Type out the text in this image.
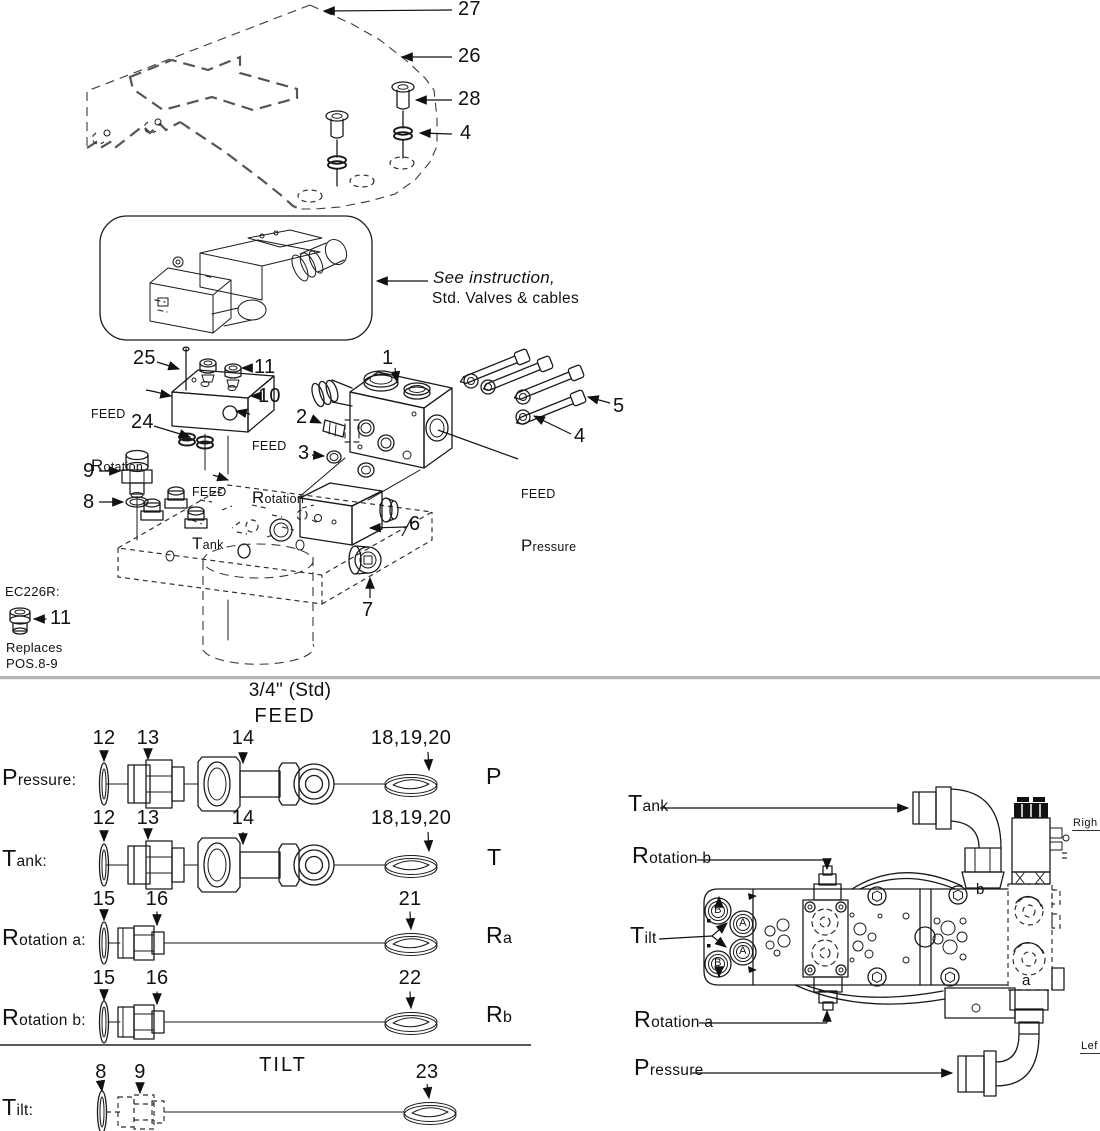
27
26
28
4
See instruction,
Std. Valves & cables
25	11
10
24
9
8
1
2
3
5
4
6
7

FEED

Rotation

FEED

Rotation

FEED

Tank

FEED

Pressure

EC226R:
11
Replaces
POS.8-9
3/4" (Std)
FEED
Pressure:
12	13	14	18,19,20
P
Tank:
12	13	14	18,19,20
T
Rotation a:
15	16	21
Ra
Rotation b:
15	16	22
Rb
TILT
Tilt:
8	9	23
Tank
Rotation b
Tilt
Rotation a
Pressure
b
a
B
A
A
B
Righ
Lef
